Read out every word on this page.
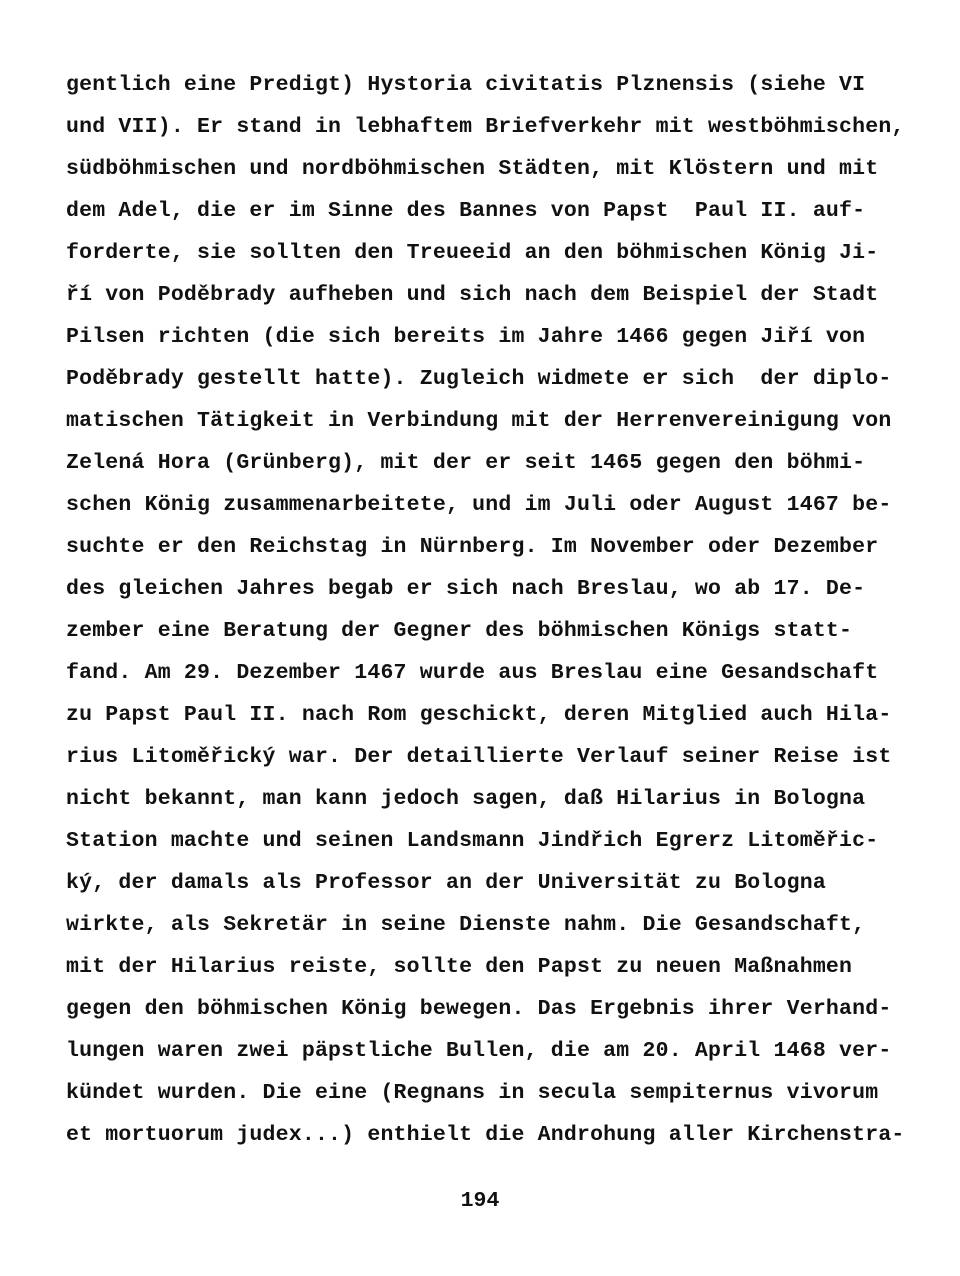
gentlich eine Predigt) Hystoria civitatis Plznensis (siehe VI
und VII). Er stand in lebhaftem Briefverkehr mit westböhmischen,
südböhmischen und nordböhmischen Städten, mit Klöstern und mit
dem Adel, die er im Sinne des Bannes von Papst  Paul II. auf-
forderte, sie sollten den Treueeid an den böhmischen König Ji-
ří von Poděbrady aufheben und sich nach dem Beispiel der Stadt
Pilsen richten (die sich bereits im Jahre 1466 gegen Jiří von
Poděbrady gestellt hatte). Zugleich widmete er sich  der diplo-
matischen Tätigkeit in Verbindung mit der Herrenvereinigung von
Zelená Hora (Grünberg), mit der er seit 1465 gegen den böhmi-
schen König zusammenarbeitete, und im Juli oder August 1467 be-
suchte er den Reichstag in Nürnberg. Im November oder Dezember
des gleichen Jahres begab er sich nach Breslau, wo ab 17. De-
zember eine Beratung der Gegner des böhmischen Königs statt-
fand. Am 29. Dezember 1467 wurde aus Breslau eine Gesandschaft
zu Papst Paul II. nach Rom geschickt, deren Mitglied auch Hila-
rius Litoměřický war. Der detaillierte Verlauf seiner Reise ist
nicht bekannt, man kann jedoch sagen, daß Hilarius in Bologna
Station machte und seinen Landsmann Jindřich Egrerz Litoměřic-
ký, der damals als Professor an der Universität zu Bologna
wirkte, als Sekretär in seine Dienste nahm. Die Gesandschaft,
mit der Hilarius reiste, sollte den Papst zu neuen Maßnahmen
gegen den böhmischen König bewegen. Das Ergebnis ihrer Verhand-
lungen waren zwei päpstliche Bullen, die am 20. April 1468 ver-
kündet wurden. Die eine (Regnans in secula sempiternus vivorum
et mortuorum judex...) enthielt die Androhung aller Kirchenstra-
194
